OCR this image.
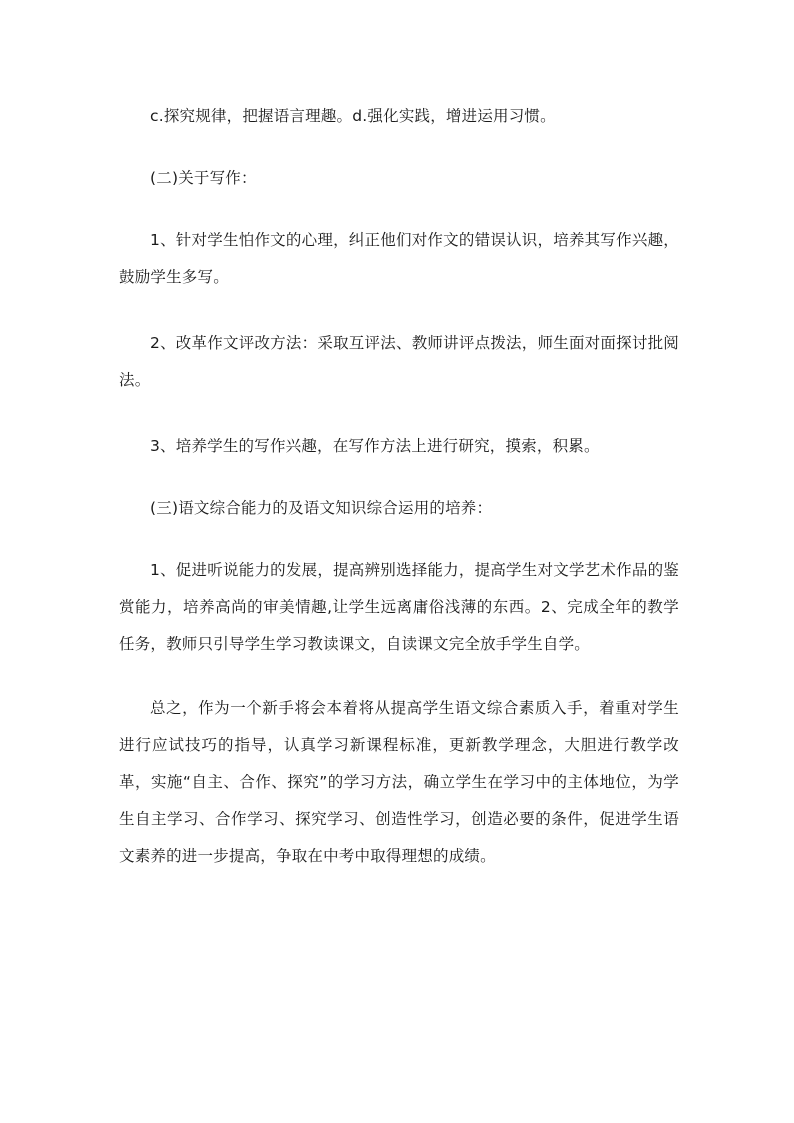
c.探究规律，把握语言理趣。d.强化实践，增进运用习惯。

(二)关于写作：

1、针对学生怕作文的心理，纠正他们对作文的错误认识，培养其写作兴趣，鼓励学生多写。

2、改革作文评改方法：采取互评法、教师讲评点拨法，师生面对面探讨批阅法。

3、培养学生的写作兴趣，在写作方法上进行研究，摸索，积累。

(三)语文综合能力的及语文知识综合运用的培养：

1、促进听说能力的发展，提高辨别选择能力，提高学生对文学艺术作品的鉴赏能力，培养高尚的审美情趣,让学生远离庸俗浅薄的东西。2、完成全年的教学任务，教师只引导学生学习教读课文，自读课文完全放手学生自学。

总之，作为一个新手将会本着将从提高学生语文综合素质入手，着重对学生进行应试技巧的指导，认真学习新课程标准，更新教学理念，大胆进行教学改革，实施“自主、合作、探究”的学习方法，确立学生在学习中的主体地位，为学生自主学习、合作学习、探究学习、创造性学习，创造必要的条件，促进学生语文素养的进一步提高，争取在中考中取得理想的成绩。
